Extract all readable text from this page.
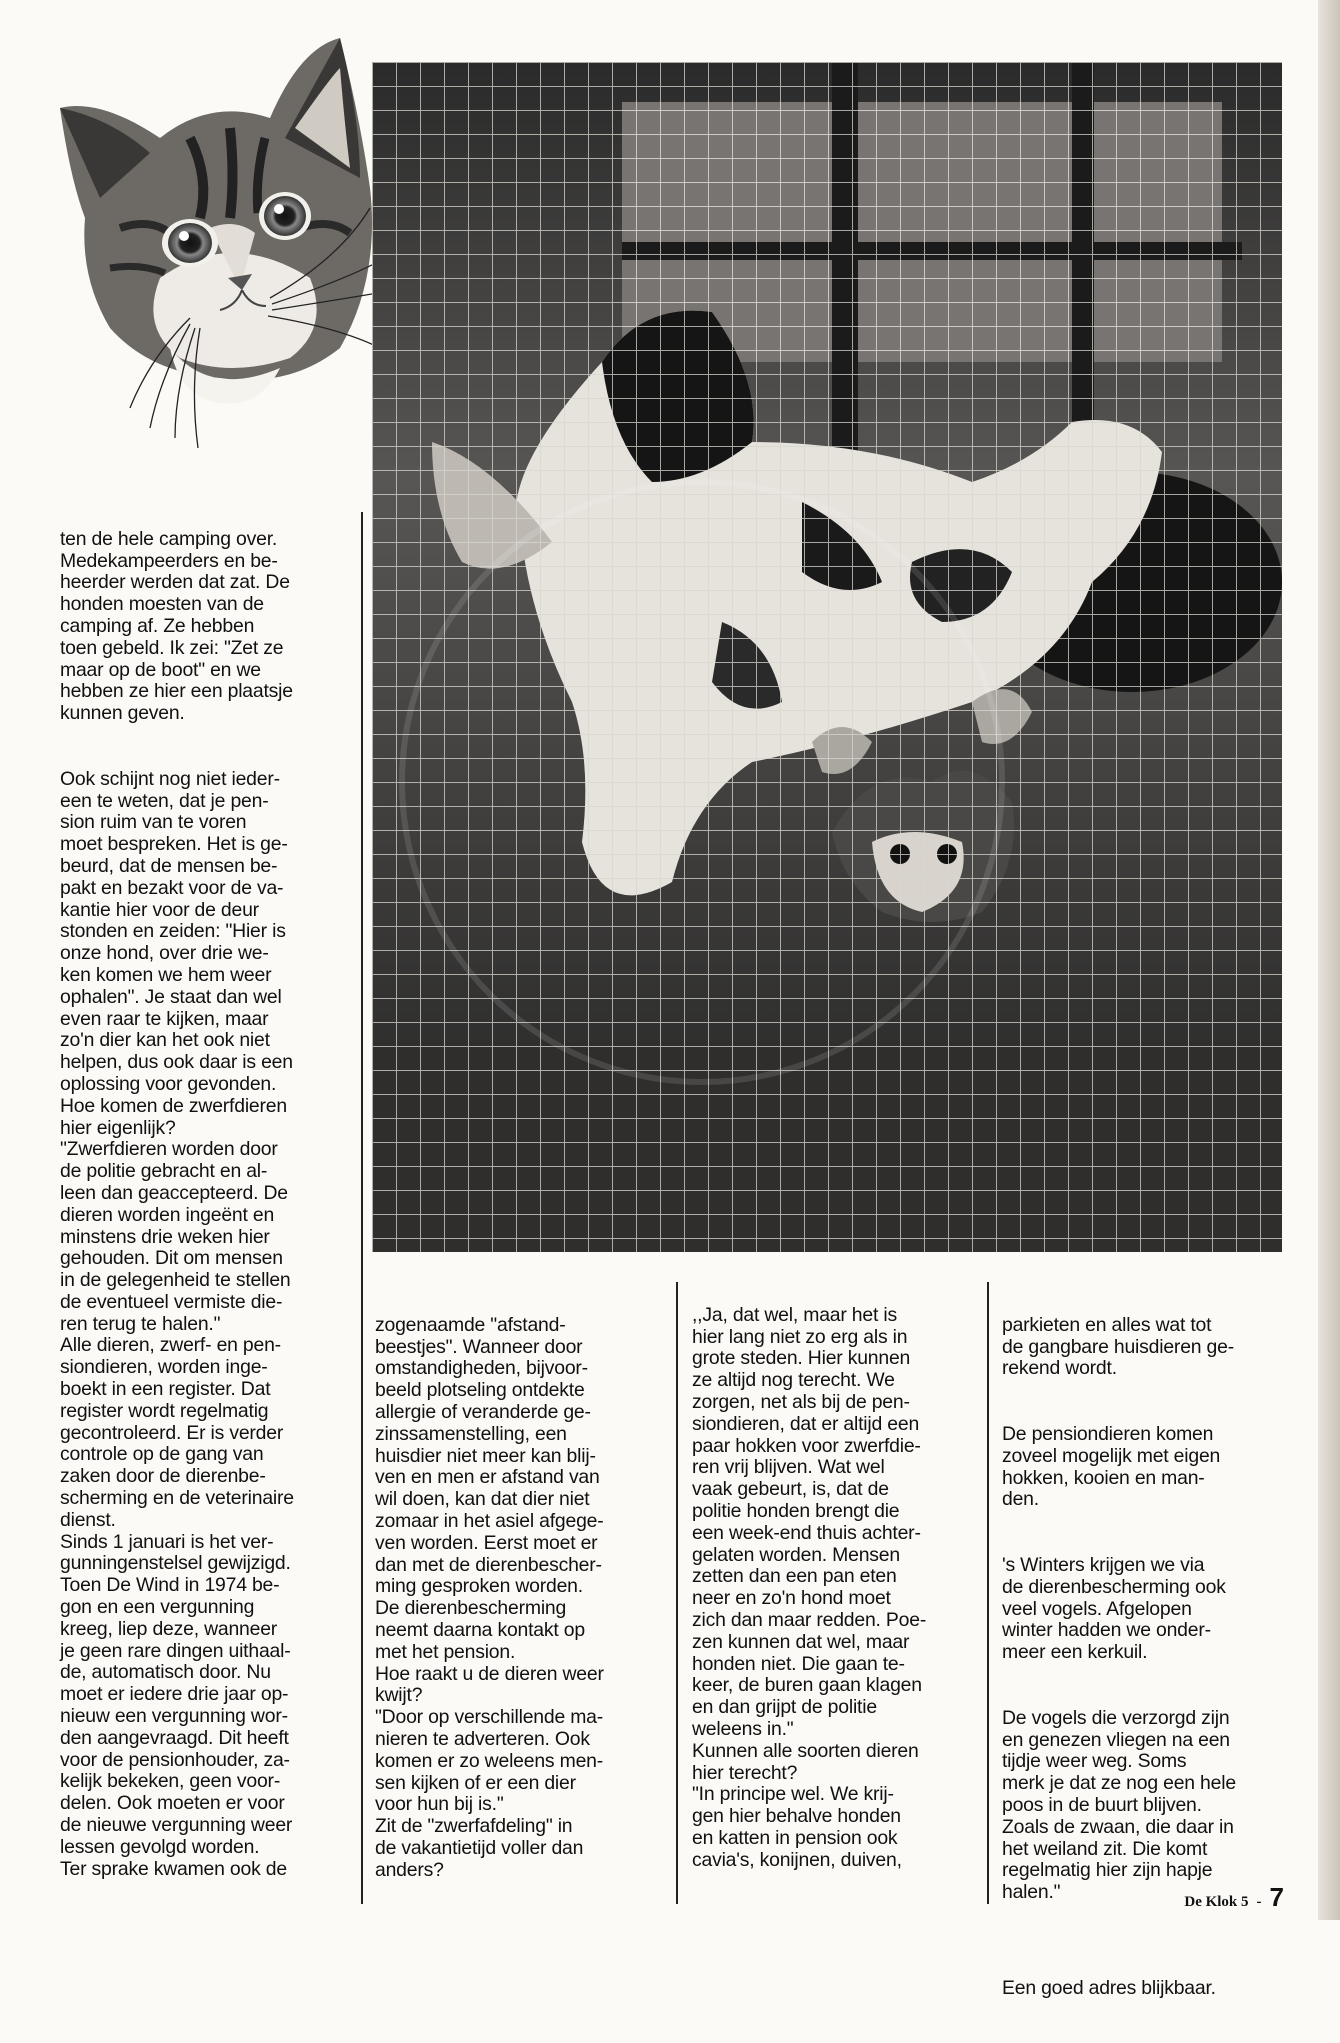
ten de hele camping over.
Medekampeerders en be-
heerder werden dat zat. De
honden moesten van de
camping af. Ze hebben
toen gebeld. Ik zei: "Zet ze
maar op de boot" en we
hebben ze hier een plaatsje
kunnen geven.

Ook schijnt nog niet ieder-
een te weten, dat je pen-
sion ruim van te voren
moet bespreken. Het is ge-
beurd, dat de mensen be-
pakt en bezakt voor de va-
kantie hier voor de deur
stonden en zeiden: "Hier is
onze hond, over drie we-
ken komen we hem weer
ophalen". Je staat dan wel
even raar te kijken, maar
zo'n dier kan het ook niet
helpen, dus ook daar is een
oplossing voor gevonden.
Hoe komen de zwerfdieren
hier eigenlijk?
"Zwerfdieren worden door
de politie gebracht en al-
leen dan geaccepteerd. De
dieren worden ingeënt en
minstens drie weken hier
gehouden. Dit om mensen
in de gelegenheid te stellen
de eventueel vermiste die-
ren terug te halen."
Alle dieren, zwerf- en pen-
siondieren, worden inge-
boekt in een register. Dat
register wordt regelmatig
gecontroleerd. Er is verder
controle op de gang van
zaken door de dierenbe-
scherming en de veterinaire
dienst.
Sinds 1 januari is het ver-
gunningenstelsel gewijzigd.
Toen De Wind in 1974 be-
gon en een vergunning
kreeg, liep deze, wanneer
je geen rare dingen uithaal-
de, automatisch door. Nu
moet er iedere drie jaar op-
nieuw een vergunning wor-
den aangevraagd. Dit heeft
voor de pensionhouder, za-
kelijk bekeken, geen voor-
delen. Ook moeten er voor
de nieuwe vergunning weer
lessen gevolgd worden.
Ter sprake kwamen ook de

zogenaamde "afstand-
beestjes". Wanneer door
omstandigheden, bijvoor-
beeld plotseling ontdekte
allergie of veranderde ge-
zinssamenstelling, een
huisdier niet meer kan blij-
ven en men er afstand van
wil doen, kan dat dier niet
zomaar in het asiel afgege-
ven worden. Eerst moet er
dan met de dierenbescher-
ming gesproken worden.
De dierenbescherming
neemt daarna kontakt op
met het pension.
Hoe raakt u de dieren weer
kwijt?
"Door op verschillende ma-
nieren te adverteren. Ook
komen er zo weleens men-
sen kijken of er een dier
voor hun bij is."
Zit de "zwerfafdeling" in
de vakantietijd voller dan
anders?

,,Ja, dat wel, maar het is
hier lang niet zo erg als in
grote steden. Hier kunnen
ze altijd nog terecht. We
zorgen, net als bij de pen-
siondieren, dat er altijd een
paar hokken voor zwerfdie-
ren vrij blijven. Wat wel
vaak gebeurt, is, dat de
politie honden brengt die
een week-end thuis achter-
gelaten worden. Mensen
zetten dan een pan eten
neer en zo'n hond moet
zich dan maar redden. Poe-
zen kunnen dat wel, maar
honden niet. Die gaan te-
keer, de buren gaan klagen
en dan grijpt de politie
weleens in."
Kunnen alle soorten dieren
hier terecht?
"In principe wel. We krij-
gen hier behalve honden
en katten in pension ook
cavia's, konijnen, duiven,

parkieten en alles wat tot
de gangbare huisdieren ge-
rekend wordt.

De pensiondieren komen
zoveel mogelijk met eigen
hokken, kooien en man-
den.

's Winters krijgen we via
de dierenbescherming ook
veel vogels. Afgelopen
winter hadden we onder-
meer een kerkuil.

De vogels die verzorgd zijn
en genezen vliegen na een
tijdje weer weg. Soms
merk je dat ze nog een hele
poos in de buurt blijven.
Zoals de zwaan, die daar in
het weiland zit. Die komt
regelmatig hier zijn hapje
halen."

Een goed adres blijkbaar.

De Klok 5 - 7
